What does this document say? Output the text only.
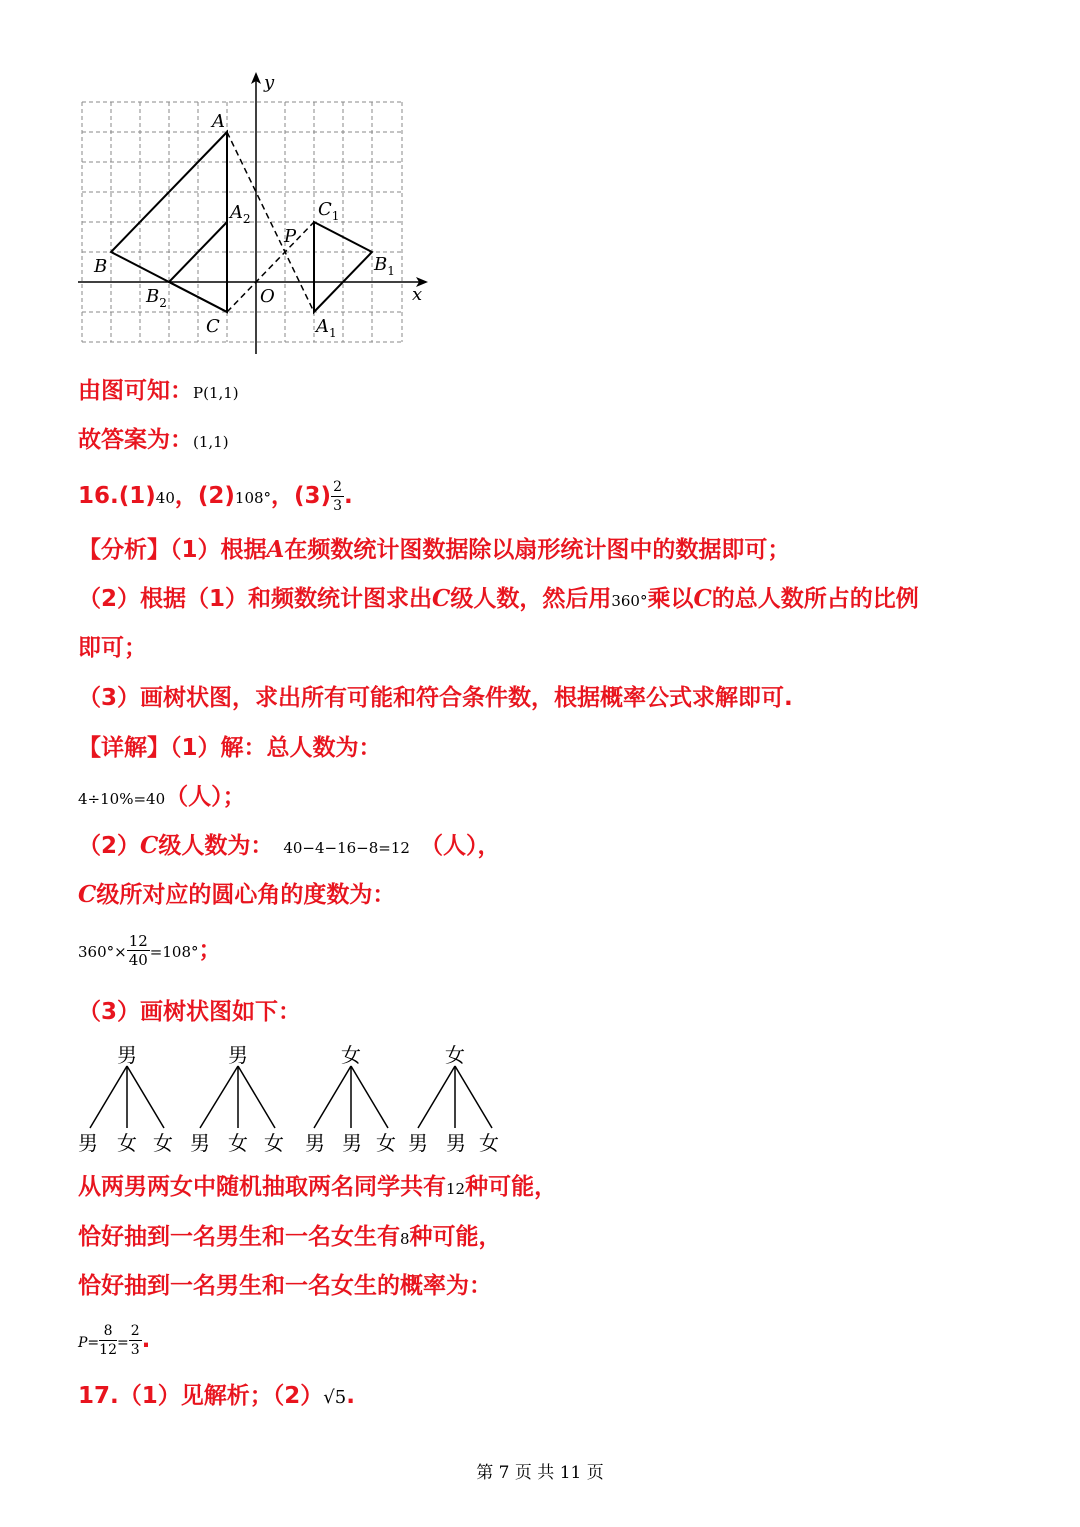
y
x
O
A
B
C
P
$A_2$
$B_2$
$A_1$
$B_1$
$C_1$
由图可知：P(1,1)
故答案为：(1,1)
16.(1)40，(2)108°，$(3) \frac{2}{3}$ .
【分析】（1）根据A在频数统计图数据除以扇形统计图中的数据即可；
（2）根据（1）和频数统计图求出C级人数，然后用360°乘以C的总人数所占的比例
即可；
（3）画树状图，求出所有可能和符合条件数，根据概率公式求解即可.
【详解】（1）解：总人数为：
4÷10%=40（人）；
（2）C级人数为： 40−4−16−8=12 （人），
C级所对应的圆心角的度数为：
$360^\circ\times \frac{12}{40} =108^\circ$；
（3）画树状图如下：
男	男	女	女
男 女 女 男 女 女 男 男 女 男 男 女
从两男两女中随机抽取两名同学共有12种可能，
恰好抽到一名男生和一名女生有8种可能，
恰好抽到一名男生和一名女生的概率为：
$P= \frac{8}{12} = \frac{2}{3}$ .
17.（1）见解析；（2）√5.
第 7 页 共 11 页
